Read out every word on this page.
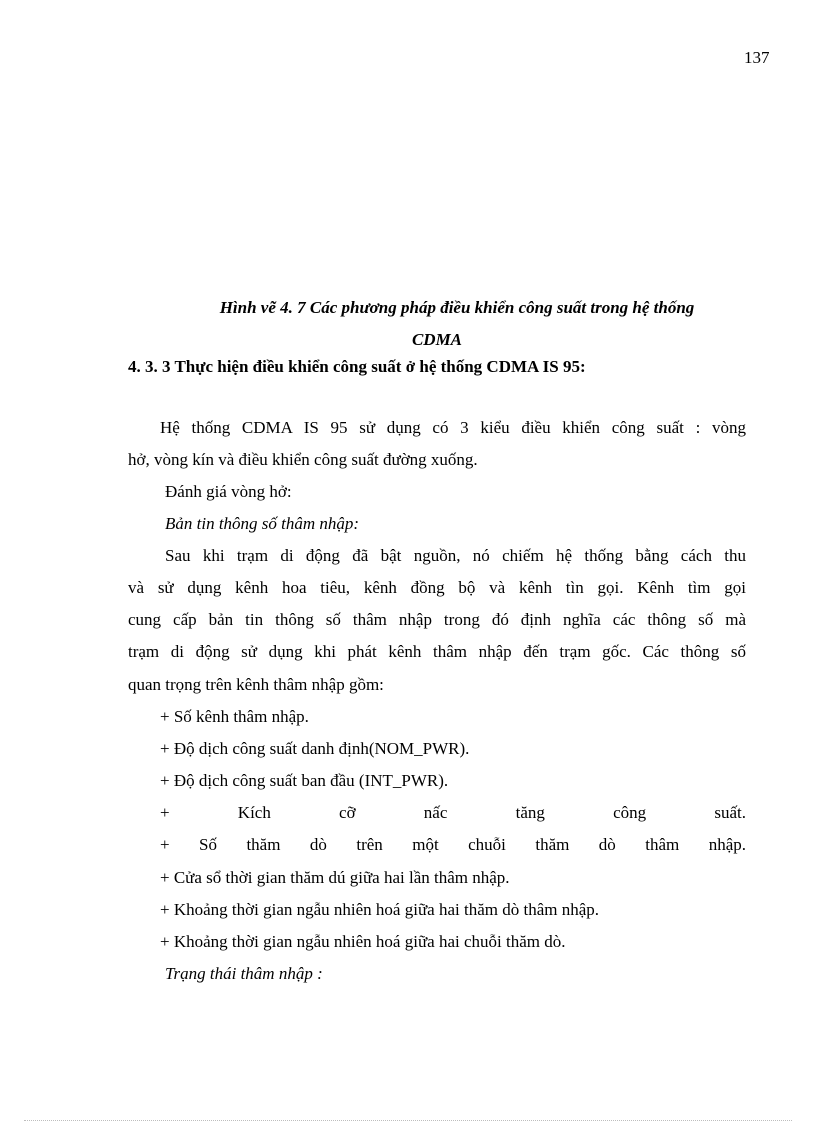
137
Hình vẽ 4. 7 Các phương pháp điều khiển công suất trong hệ thống
CDMA
4. 3. 3 Thực hiện điều khiển công suất ở hệ thống CDMA IS 95:
Hệ thống CDMA IS 95 sử dụng có 3 kiểu điều khiển công suất : vòng
hở, vòng kín và điều khiển công suất đường xuống.
Đánh giá vòng hở:
Bản tin thông số thâm nhập:
Sau khi trạm di động đã bật nguồn, nó chiếm hệ thống bằng cách thu
và sử dụng kênh hoa tiêu, kênh đồng bộ và kênh tìn gọi. Kênh tìm gọi
cung cấp bản tin thông số thâm nhập trong đó định nghĩa các thông số mà
trạm di động sử dụng khi phát kênh thâm nhập đến trạm gốc. Các thông số
quan trọng trên kênh thâm nhập gồm:
+ Số kênh thâm nhập.
+ Độ dịch công suất danh định(NOM_PWR).
+ Độ dịch công suất ban đầu (INT_PWR).
+ Kích cỡ nấc tăng công suất.
+ Số thăm dò trên một chuỗi thăm dò thâm nhập.
+ Cửa sổ thời gian thăm dú giữa hai lần thâm nhập.
+ Khoảng thời gian ngẫu nhiên hoá giữa hai thăm dò thâm nhập.
+ Khoảng thời gian ngẫu nhiên hoá giữa hai chuỗi thăm dò.
Trạng thái thâm nhập :
